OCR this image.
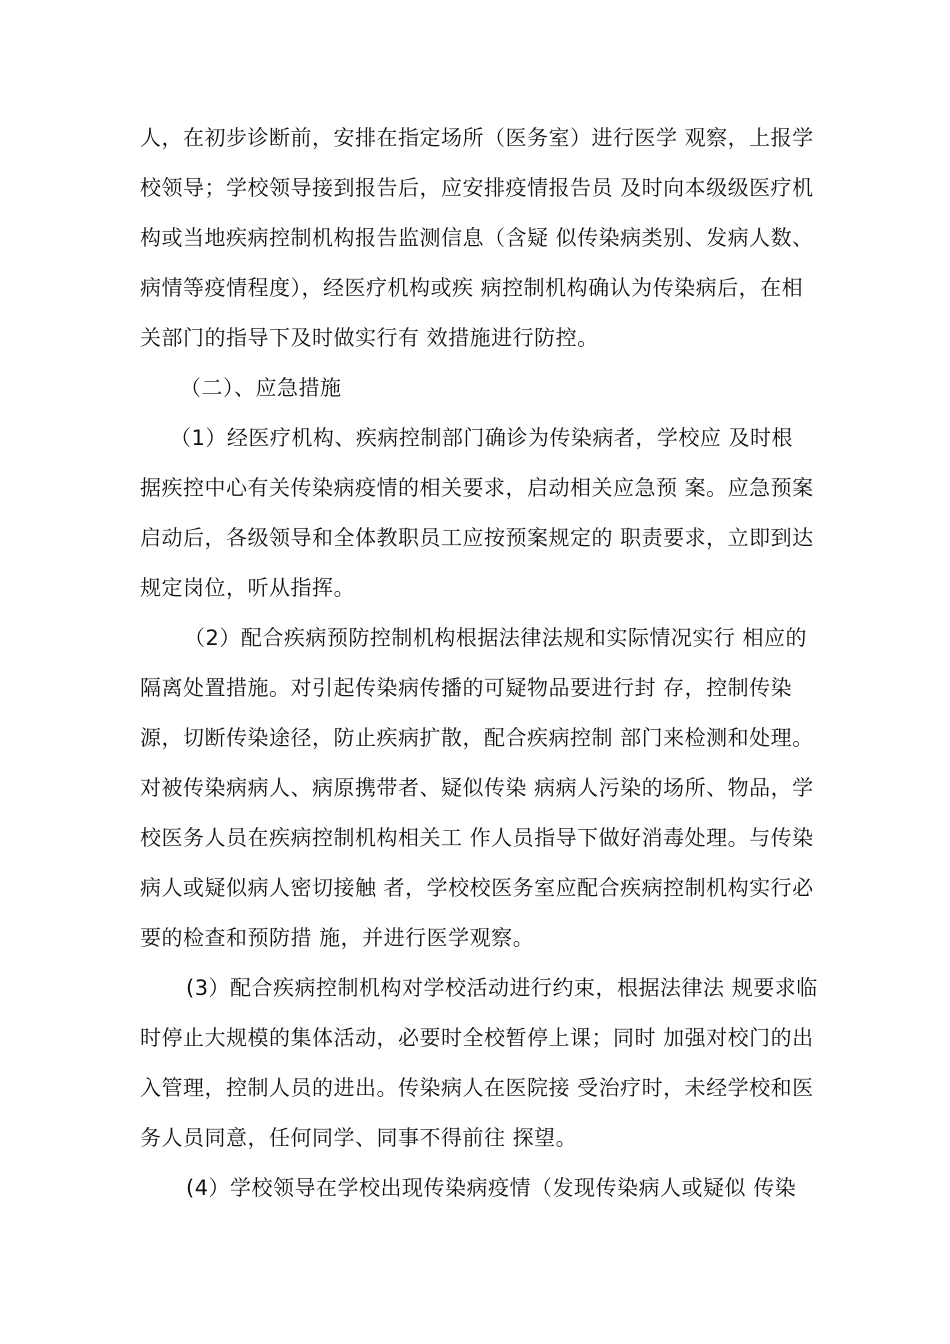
人，在初步诊断前，安排在指定场所（医务室）进行医学 观察，上报学
校领导；学校领导接到报告后，应安排疫情报告员 及时向本级级医疗机
构或当地疾病控制机构报告监测信息（含疑 似传染病类别、发病人数、
病情等疫情程度），经医疗机构或疾 病控制机构确认为传染病后，在相
关部门的指导下及时做实行有 效措施进行防控。
（二）、应急措施
（1）经医疗机构、疾病控制部门确诊为传染病者，学校应 及时根
据疾控中心有关传染病疫情的相关要求，启动相关应急预 案。应急预案
启动后，各级领导和全体教职员工应按预案规定的 职责要求，立即到达
规定岗位，听从指挥。
（2）配合疾病预防控制机构根据法律法规和实际情况实行 相应的
隔离处置措施。对引起传染病传播的可疑物品要进行封 存，控制传染
源，切断传染途径，防止疾病扩散，配合疾病控制 部门来检测和处理。
对被传染病病人、病原携带者、疑似传染 病病人污染的场所、物品，学
校医务人员在疾病控制机构相关工 作人员指导下做好消毒处理。与传染
病人或疑似病人密切接触 者，学校校医务室应配合疾病控制机构实行必
要的检查和预防措 施，并进行医学观察。
(3）配合疾病控制机构对学校活动进行约束，根据法律法 规要求临
时停止大规模的集体活动，必要时全校暂停上课；同时 加强对校门的出
入管理，控制人员的进出。传染病人在医院接 受治疗时，未经学校和医
务人员同意，任何同学、同事不得前往 探望。
(4）学校领导在学校出现传染病疫情（发现传染病人或疑似 传染
